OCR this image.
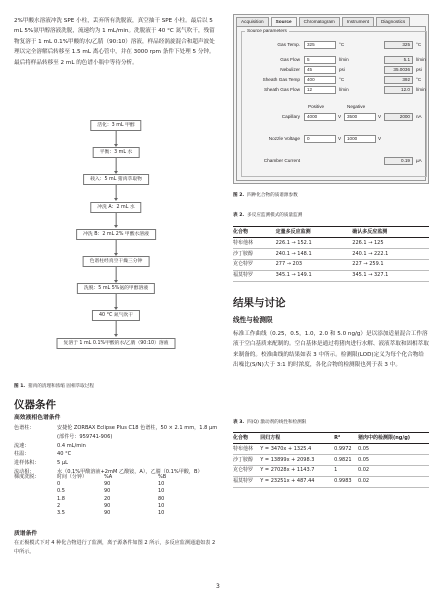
2%甲酸水溶液冲洗 SPE 小柱，丢弃所有洗脱液，真空抽干 SPE 小柱。最后以 5 mL 5%氨甲醇溶液洗脱，流速约为 1 mL/min。洗脱液于 40 °C 氮气吹干，残留物复溶于 1 mL 0.1%甲酸的水/乙腈（90:10）溶液，样品经涡旋混合和超声波处理以完全溶解后转移至 1.5 mL 离心管中，并在 3000 rpm 条件下处理 5 分钟。最后将样品转移至 2 mL 的色谱小瓶中等待分析。
活化：3 mL 甲醇
平衡：3 mL 水
载入：5 mL 猪肉萃取物
冲洗 A：2 mL 水
冲洗 B：2 mL 2% 甲酸水溶液
色谱柱经真空干燥三分钟
洗脱：5 mL 5%氨的甲醇溶液
40 °C 氮气吹干
复溶于 1 mL 0.1%甲酸的水/乙腈（90:10）溶液
图 1. 猪肉的清理和浓缩 固相萃取过程
仪器条件
高效液相色谱条件
色谱柱：	安捷伦 ZORBAX Eclipse Plus C18 色谱柱，50 × 2.1 mm，1.8 μm (部件号：959741-906)
流速：	0.4 mL/min
柱温：	40 °C
进样体积：	5 μL
流动相：	水（0.1%甲酸溶液+2mM 乙酸铵，A），乙腈（0.1%甲酸，B）
梯度洗脱：	时间（分钟）	%A	%B
0	90	10
0.5	90	10
1.8	20	80
2	90	10
3.5	90	10
质谱条件
在正极模式下对 4 种化合物进行了监测，离子源条件如图 2 所示，多反应监测通道如表 2 中所示。
Acquisition	Source	Chromatogram	Instrument	Diagnostics
Source parameters
Gas Temp.	325	°C	325	°C
Gas Flow	5	l/min	5.1	l/min
Nebulizer	45	psi	35.0036	psi
Sheath Gas Temp	400	°C	392	°C
Sheath Gas Flow	12	l/min	12.0	l/min
Positive	Negative
Capillary	4000	V	3500	V	2000	nA
Nozzle Voltage	0	V	1000	V
Chamber Current	0.19	µA
图 2. 四种化合物的质谱源参数
表 2. 多反应监测模式的质量监测
化合物	定量多反应监测	确认多反应监测
特布他林	226.1 → 152.1	226.1 → 125
沙丁胺醇	240.1 → 148.1	240.1 → 222.1
克仑特罗	277 → 203	227 → 259.1
福莫特罗	345.1 → 149.1	345.1 → 327.1
结果与讨论
线性与检测限
标准工作曲线（0.25，0.5，1.0，2.0 和 5.0 ng/g）是以添加适量混合工作溶液于空白基质来配制的。空白基体是通过将猪肉进行水解、液液萃取和固相萃取来制备的。校准曲线的结果如表 3 中所示。检测限(LOD)定义为每个化合物给出噪比(S/N)大于 3:1 的时浓度，各化合物的检测限也列于表 3 中。
表 3. 四(Q) 激动剂的线性和检测限
化合物	回归方程	R²	猪肉中的检测限(ng/g)
特布他林	Y = 3470x + 1325.4	0.9972	0.05
沙丁胺醇	Y = 13899x + 2098.3	0.9821	0.05
克仑特罗	Y = 27028x + 1143.7	1	0.02
福莫特罗	Y = 23251x + 487.44	0.9983	0.02
3
